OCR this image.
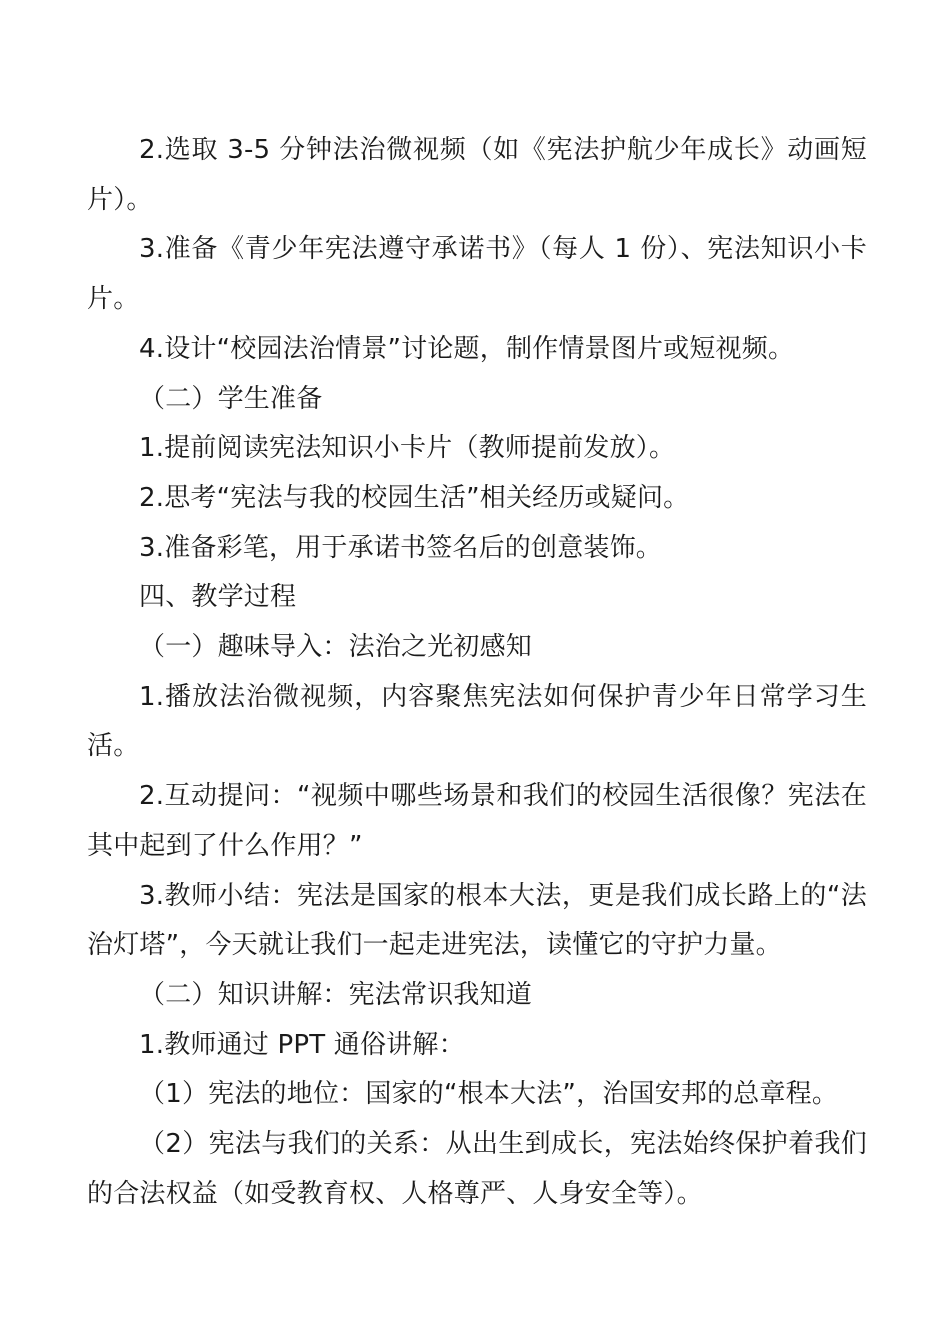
2.选取 3-5 分钟法治微视频（如《宪法护航少年成长》动画短片）。

3.准备《青少年宪法遵守承诺书》（每人 1 份）、宪法知识小卡片。

4.设计“校园法治情景”讨论题，制作情景图片或短视频。

（二）学生准备

1.提前阅读宪法知识小卡片（教师提前发放）。

2.思考“宪法与我的校园生活”相关经历或疑问。

3.准备彩笔，用于承诺书签名后的创意装饰。

四、教学过程

（一）趣味导入：法治之光初感知

1.播放法治微视频，内容聚焦宪法如何保护青少年日常学习生活。

2.互动提问：“视频中哪些场景和我们的校园生活很像？宪法在其中起到了什么作用？”

3.教师小结：宪法是国家的根本大法，更是我们成长路上的“法治灯塔”，今天就让我们一起走进宪法，读懂它的守护力量。

（二）知识讲解：宪法常识我知道

1.教师通过 PPT 通俗讲解：

（1）宪法的地位：国家的“根本大法”，治国安邦的总章程。

（2）宪法与我们的关系：从出生到成长，宪法始终保护着我们的合法权益（如受教育权、人格尊严、人身安全等）。
